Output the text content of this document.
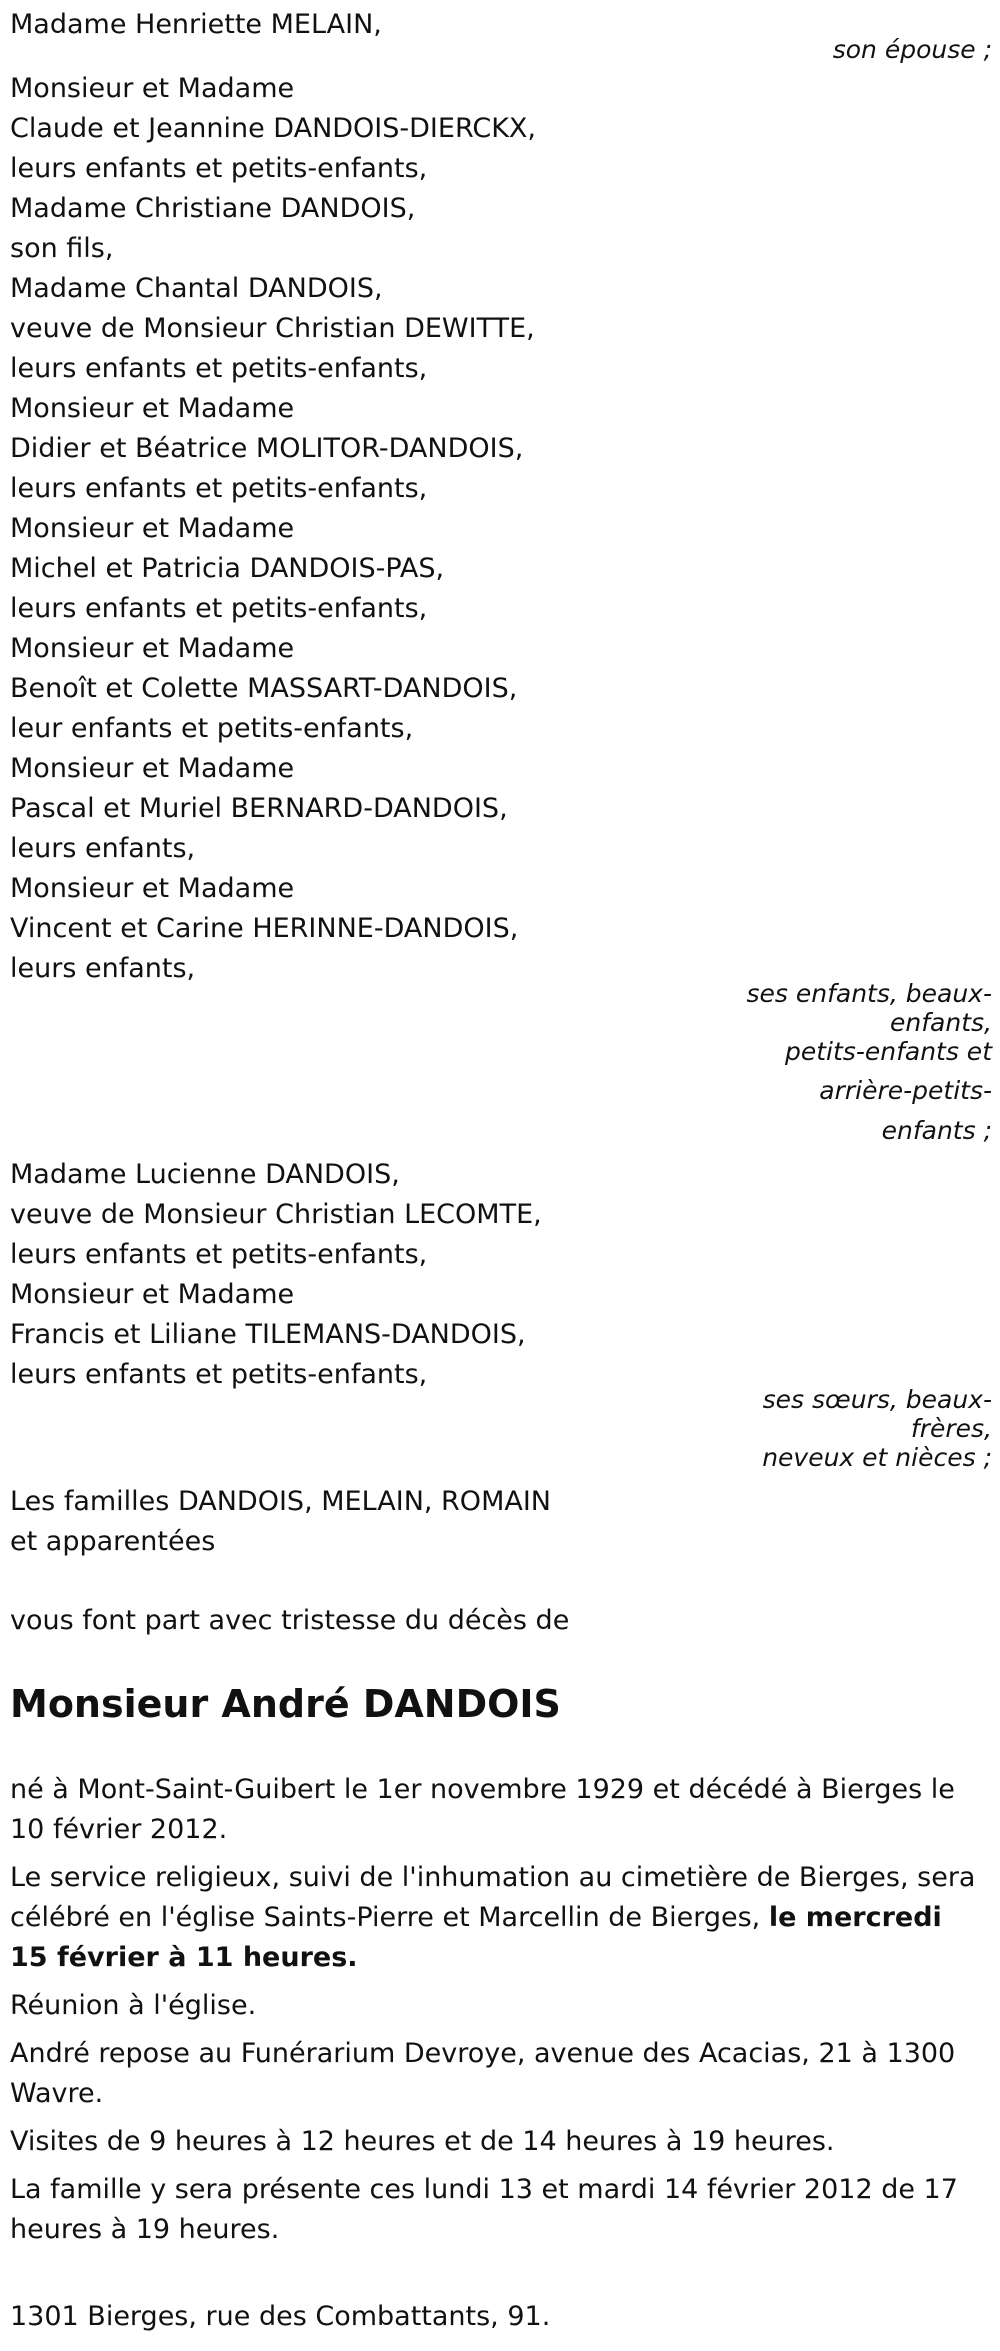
Madame Henriette MELAIN,
son épouse ;
Monsieur et Madame
Claude et Jeannine DANDOIS-DIERCKX,
leurs enfants et petits-enfants,
Madame Christiane DANDOIS,
son fils,
Madame Chantal DANDOIS,
veuve de Monsieur Christian DEWITTE,
leurs enfants et petits-enfants,
Monsieur et Madame
Didier et Béatrice MOLITOR-DANDOIS,
leurs enfants et petits-enfants,
Monsieur et Madame
Michel et Patricia DANDOIS-PAS,
leurs enfants et petits-enfants,
Monsieur et Madame
Benoît et Colette MASSART-DANDOIS,
leur enfants et petits-enfants,
Monsieur et Madame
Pascal et Muriel BERNARD-DANDOIS,
leurs enfants,
Monsieur et Madame
Vincent et Carine HERINNE-DANDOIS,
leurs enfants,
ses enfants, beaux-
enfants,
petits-enfants et
arrière-petits-
enfants ;
Madame Lucienne DANDOIS,
veuve de Monsieur Christian LECOMTE,
leurs enfants et petits-enfants,
Monsieur et Madame
Francis et Liliane TILEMANS-DANDOIS,
leurs enfants et petits-enfants,
ses sœurs, beaux-
frères,
neveux et nièces ;
Les familles DANDOIS, MELAIN, ROMAIN
et apparentées
vous font part avec tristesse du décès de
Monsieur André DANDOIS

né à Mont-Saint-Guibert le 1er novembre 1929 et décédé à Bierges le 10 février 2012.

Le service religieux, suivi de l'inhumation au cimetière de Bierges, sera célébré en l'église Saints-Pierre et Marcellin de Bierges, le mercredi 15 février à 11 heures.

Réunion à l'église.

André repose au Funérarium Devroye, avenue des Acacias, 21 à 1300 Wavre.

Visites de 9 heures à 12 heures et de 14 heures à 19 heures.

La famille y sera présente ces lundi 13 et mardi 14 février 2012 de 17 heures à 19 heures.

1301 Bierges, rue des Combattants, 91.
